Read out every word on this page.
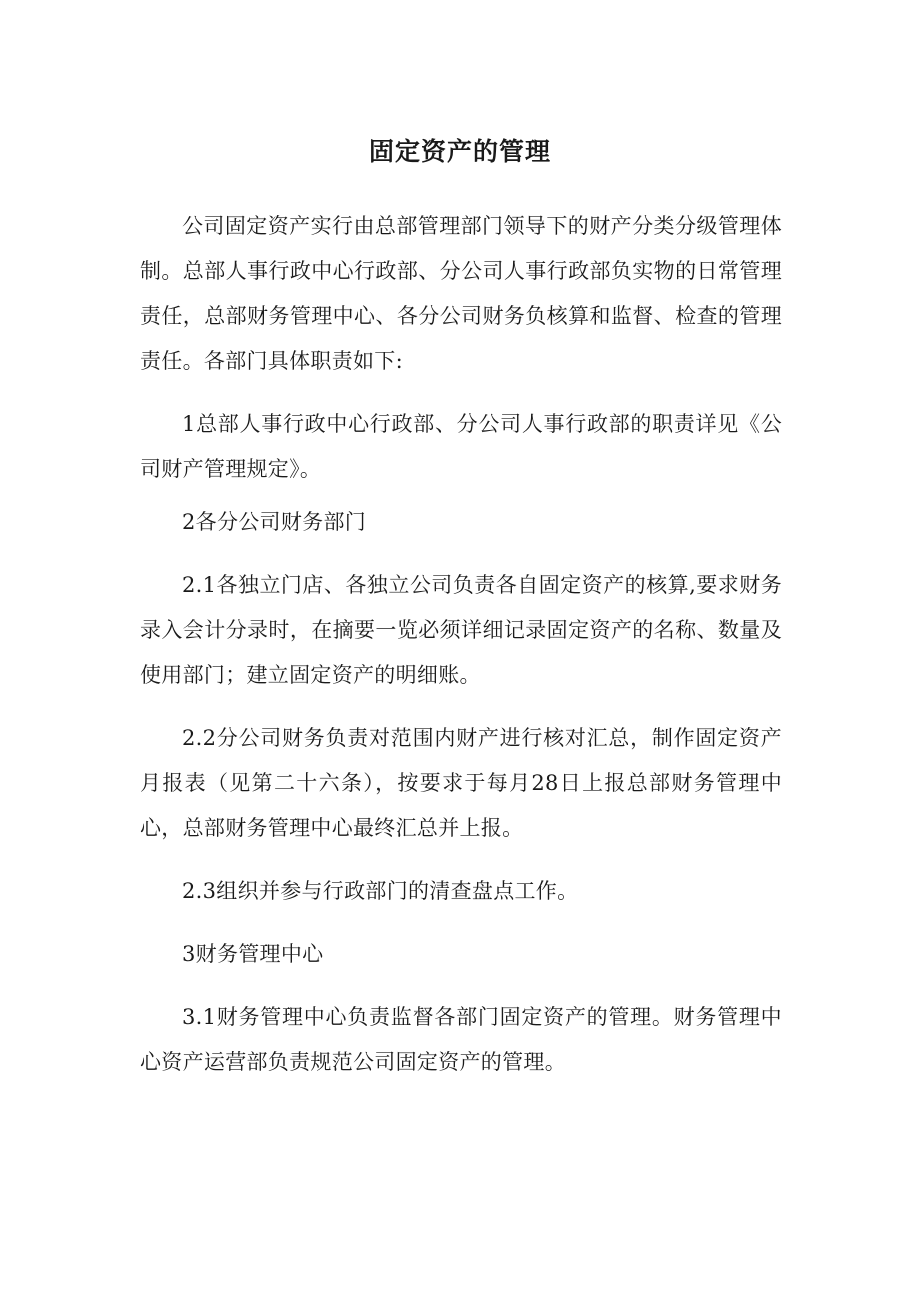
固定资产的管理

公司固定资产实行由总部管理部门领导下的财产分类分级管理体制。总部人事行政中心行政部、分公司人事行政部负实物的日常管理责任，总部财务管理中心、各分公司财务负核算和监督、检查的管理责任。各部门具体职责如下:

1总部人事行政中心行政部、分公司人事行政部的职责详见《公司财产管理规定》。

2各分公司财务部门

2.1各独立门店、各独立公司负责各自固定资产的核算,要求财务录入会计分录时，在摘要一览必须详细记录固定资产的名称、数量及使用部门；建立固定资产的明细账。

2.2分公司财务负责对范围内财产进行核对汇总，制作固定资产月报表（见第二十六条），按要求于每月28日上报总部财务管理中心，总部财务管理中心最终汇总并上报。

2.3组织并参与行政部门的清查盘点工作。

3财务管理中心

3.1财务管理中心负责监督各部门固定资产的管理。财务管理中心资产运营部负责规范公司固定资产的管理。
